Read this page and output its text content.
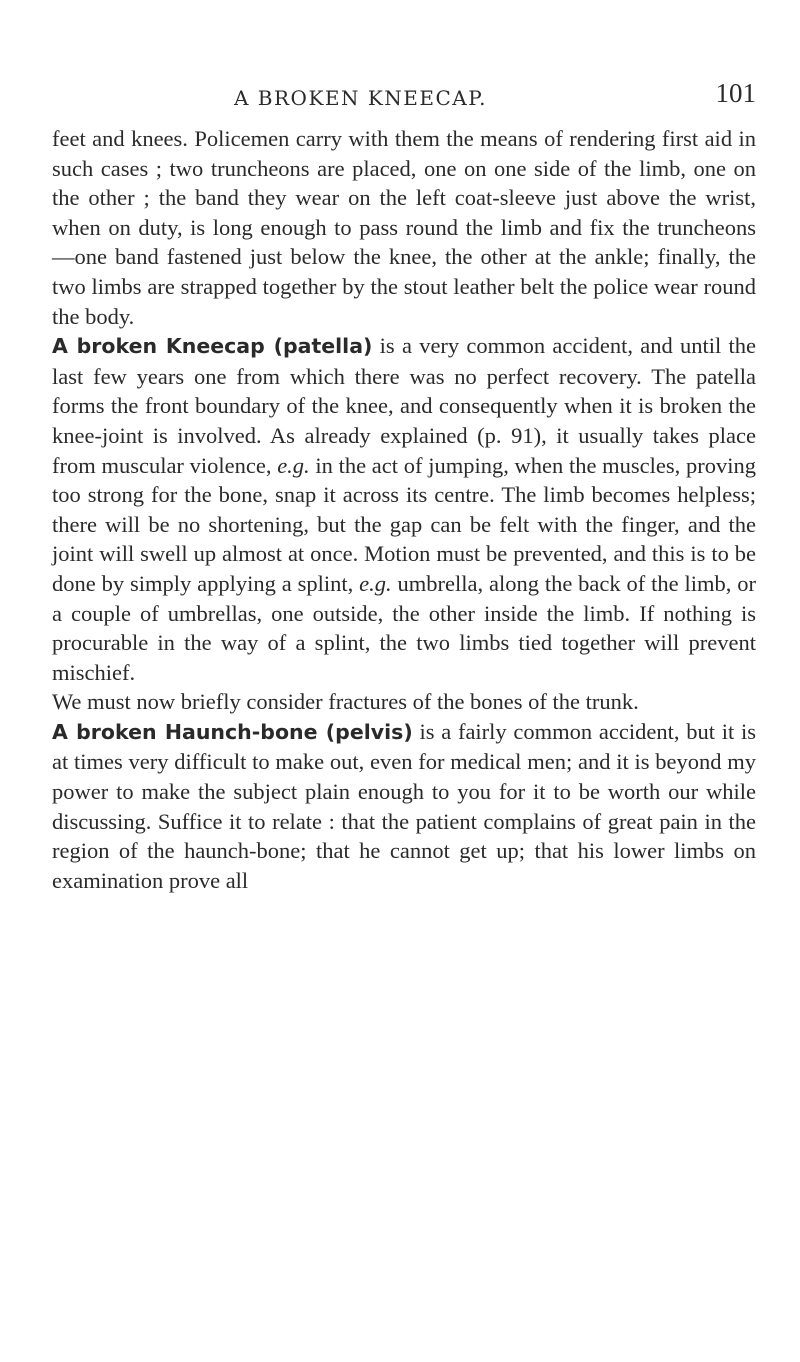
A BROKEN KNEECAP.	101

feet and knees. Policemen carry with them the means of rendering first aid in such cases ; two truncheons are placed, one on one side of the limb, one on the other ; the band they wear on the left coat-sleeve just above the wrist, when on duty, is long enough to pass round the limb and fix the truncheons —one band fastened just below the knee, the other at the ankle; finally, the two limbs are strapped together by the stout leather belt the police wear round the body.

A broken Kneecap (patella) is a very common accident, and until the last few years one from which there was no perfect recovery. The patella forms the front boundary of the knee, and consequently when it is broken the knee-joint is involved. As already explained (p. 91), it usually takes place from muscular violence, e.g. in the act of jumping, when the muscles, proving too strong for the bone, snap it across its centre. The limb becomes helpless; there will be no shortening, but the gap can be felt with the finger, and the joint will swell up almost at once. Motion must be prevented, and this is to be done by simply applying a splint, e.g. umbrella, along the back of the limb, or a couple of umbrellas, one outside, the other inside the limb. If nothing is procurable in the way of a splint, the two limbs tied together will prevent mischief.

We must now briefly consider fractures of the bones of the trunk.

A broken Haunch-bone (pelvis) is a fairly common accident, but it is at times very difficult to make out, even for medical men; and it is beyond my power to make the subject plain enough to you for it to be worth our while discussing. Suffice it to relate : that the patient complains of great pain in the region of the haunch-bone; that he cannot get up; that his lower limbs on examination prove all
